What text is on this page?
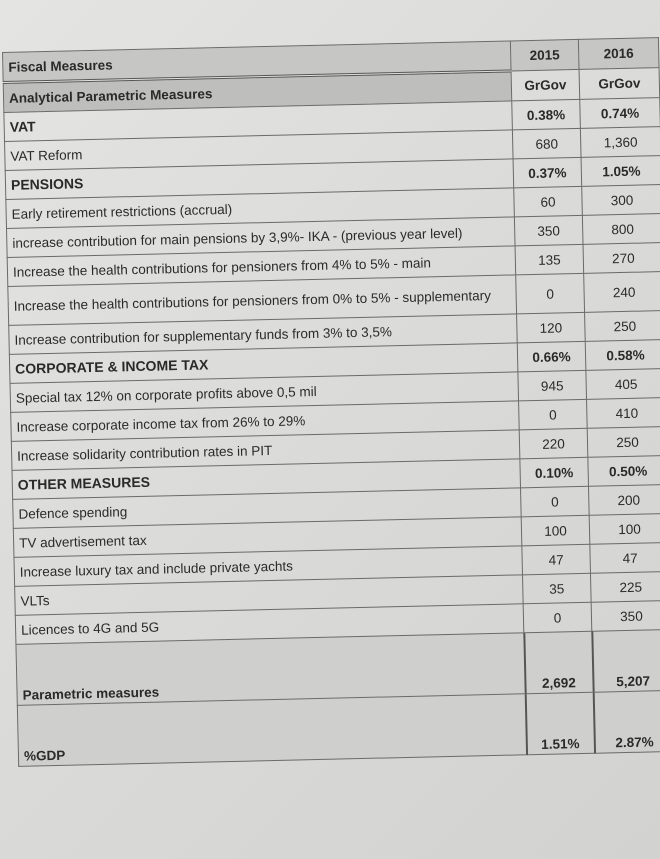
Fiscal Measures	2015	2016
Analytical Parametric Measures	GrGov	GrGov
VAT	0.38%	0.74%
VAT Reform	680	1,360
PENSIONS	0.37%	1.05%
Early retirement restrictions (accrual)	60	300
increase contribution for main pensions by 3,9%- IKA - (previous year level)	350	800
Increase the health contributions for pensioners from 4% to 5% - main	135	270
Increase the health contributions for pensioners from 0% to 5% - supplementary	0	240
Increase contribution for supplementary funds from 3% to 3,5%	120	250
CORPORATE & INCOME TAX	0.66%	0.58%
Special tax 12% on corporate profits above 0,5 mil	945	405
Increase corporate income tax from 26% to 29%	0	410
Increase solidarity contribution rates in PIT	220	250
OTHER MEASURES	0.10%	0.50%
Defence spending	0	200
TV advertisement tax	100	100
Increase luxury tax and include private yachts	47	47
VLTs	35	225
Licences to 4G and 5G	0	350
Parametric measures	2,692	5,207
%GDP	1.51%	2.87%
